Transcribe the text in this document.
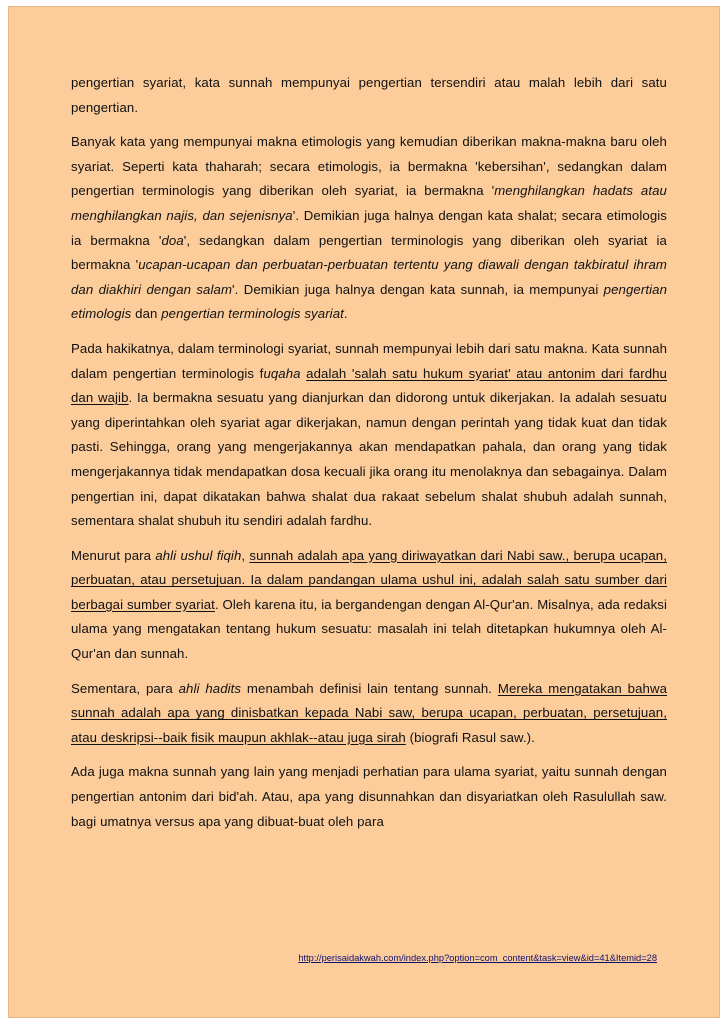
pengertian syariat, kata sunnah mempunyai pengertian tersendiri atau malah lebih dari satu pengertian.

Banyak kata yang mempunyai makna etimologis yang kemudian diberikan makna-makna baru oleh syariat. Seperti kata thaharah; secara etimologis, ia bermakna 'kebersihan', sedangkan dalam pengertian terminologis yang diberikan oleh syariat, ia bermakna 'menghilangkan hadats atau menghilangkan najis, dan sejenisnya'. Demikian juga halnya dengan kata shalat; secara etimologis ia bermakna 'doa', sedangkan dalam pengertian terminologis yang diberikan oleh syariat ia bermakna 'ucapan-ucapan dan perbuatan-perbuatan tertentu yang diawali dengan takbiratul ihram dan diakhiri dengan salam'. Demikian juga halnya dengan kata sunnah, ia mempunyai pengertian etimologis dan pengertian terminologis syariat.

Pada hakikatnya, dalam terminologi syariat, sunnah mempunyai lebih dari satu makna. Kata sunnah dalam pengertian terminologis fuqaha adalah 'salah satu hukum syariat' atau antonim dari fardhu dan wajib. Ia bermakna sesuatu yang dianjurkan dan didorong untuk dikerjakan. Ia adalah sesuatu yang diperintahkan oleh syariat agar dikerjakan, namun dengan perintah yang tidak kuat dan tidak pasti. Sehingga, orang yang mengerjakannya akan mendapatkan pahala, dan orang yang tidak mengerjakannya tidak mendapatkan dosa kecuali jika orang itu menolaknya dan sebagainya. Dalam pengertian ini, dapat dikatakan bahwa shalat dua rakaat sebelum shalat shubuh adalah sunnah, sementara shalat shubuh itu sendiri adalah fardhu.

Menurut para ahli ushul fiqih, sunnah adalah apa yang diriwayatkan dari Nabi saw., berupa ucapan, perbuatan, atau persetujuan. Ia dalam pandangan ulama ushul ini, adalah salah satu sumber dari berbagai sumber syariat. Oleh karena itu, ia bergandengan dengan Al-Qur'an. Misalnya, ada redaksi ulama yang mengatakan tentang hukum sesuatu: masalah ini telah ditetapkan hukumnya oleh Al-Qur'an dan sunnah.

Sementara, para ahli hadits menambah definisi lain tentang sunnah. Mereka mengatakan bahwa sunnah adalah apa yang dinisbatkan kepada Nabi saw, berupa ucapan, perbuatan, persetujuan, atau deskripsi--baik fisik maupun akhlak--atau juga sirah (biografi Rasul saw.).

Ada juga makna sunnah yang lain yang menjadi perhatian para ulama syariat, yaitu sunnah dengan pengertian antonim dari bid'ah. Atau, apa yang disunnahkan dan disyariatkan oleh Rasulullah saw. bagi umatnya versus apa yang dibuat-buat oleh para

http://perisaidakwah.com/index.php?option=com_content&task=view&id=41&Itemid=28
